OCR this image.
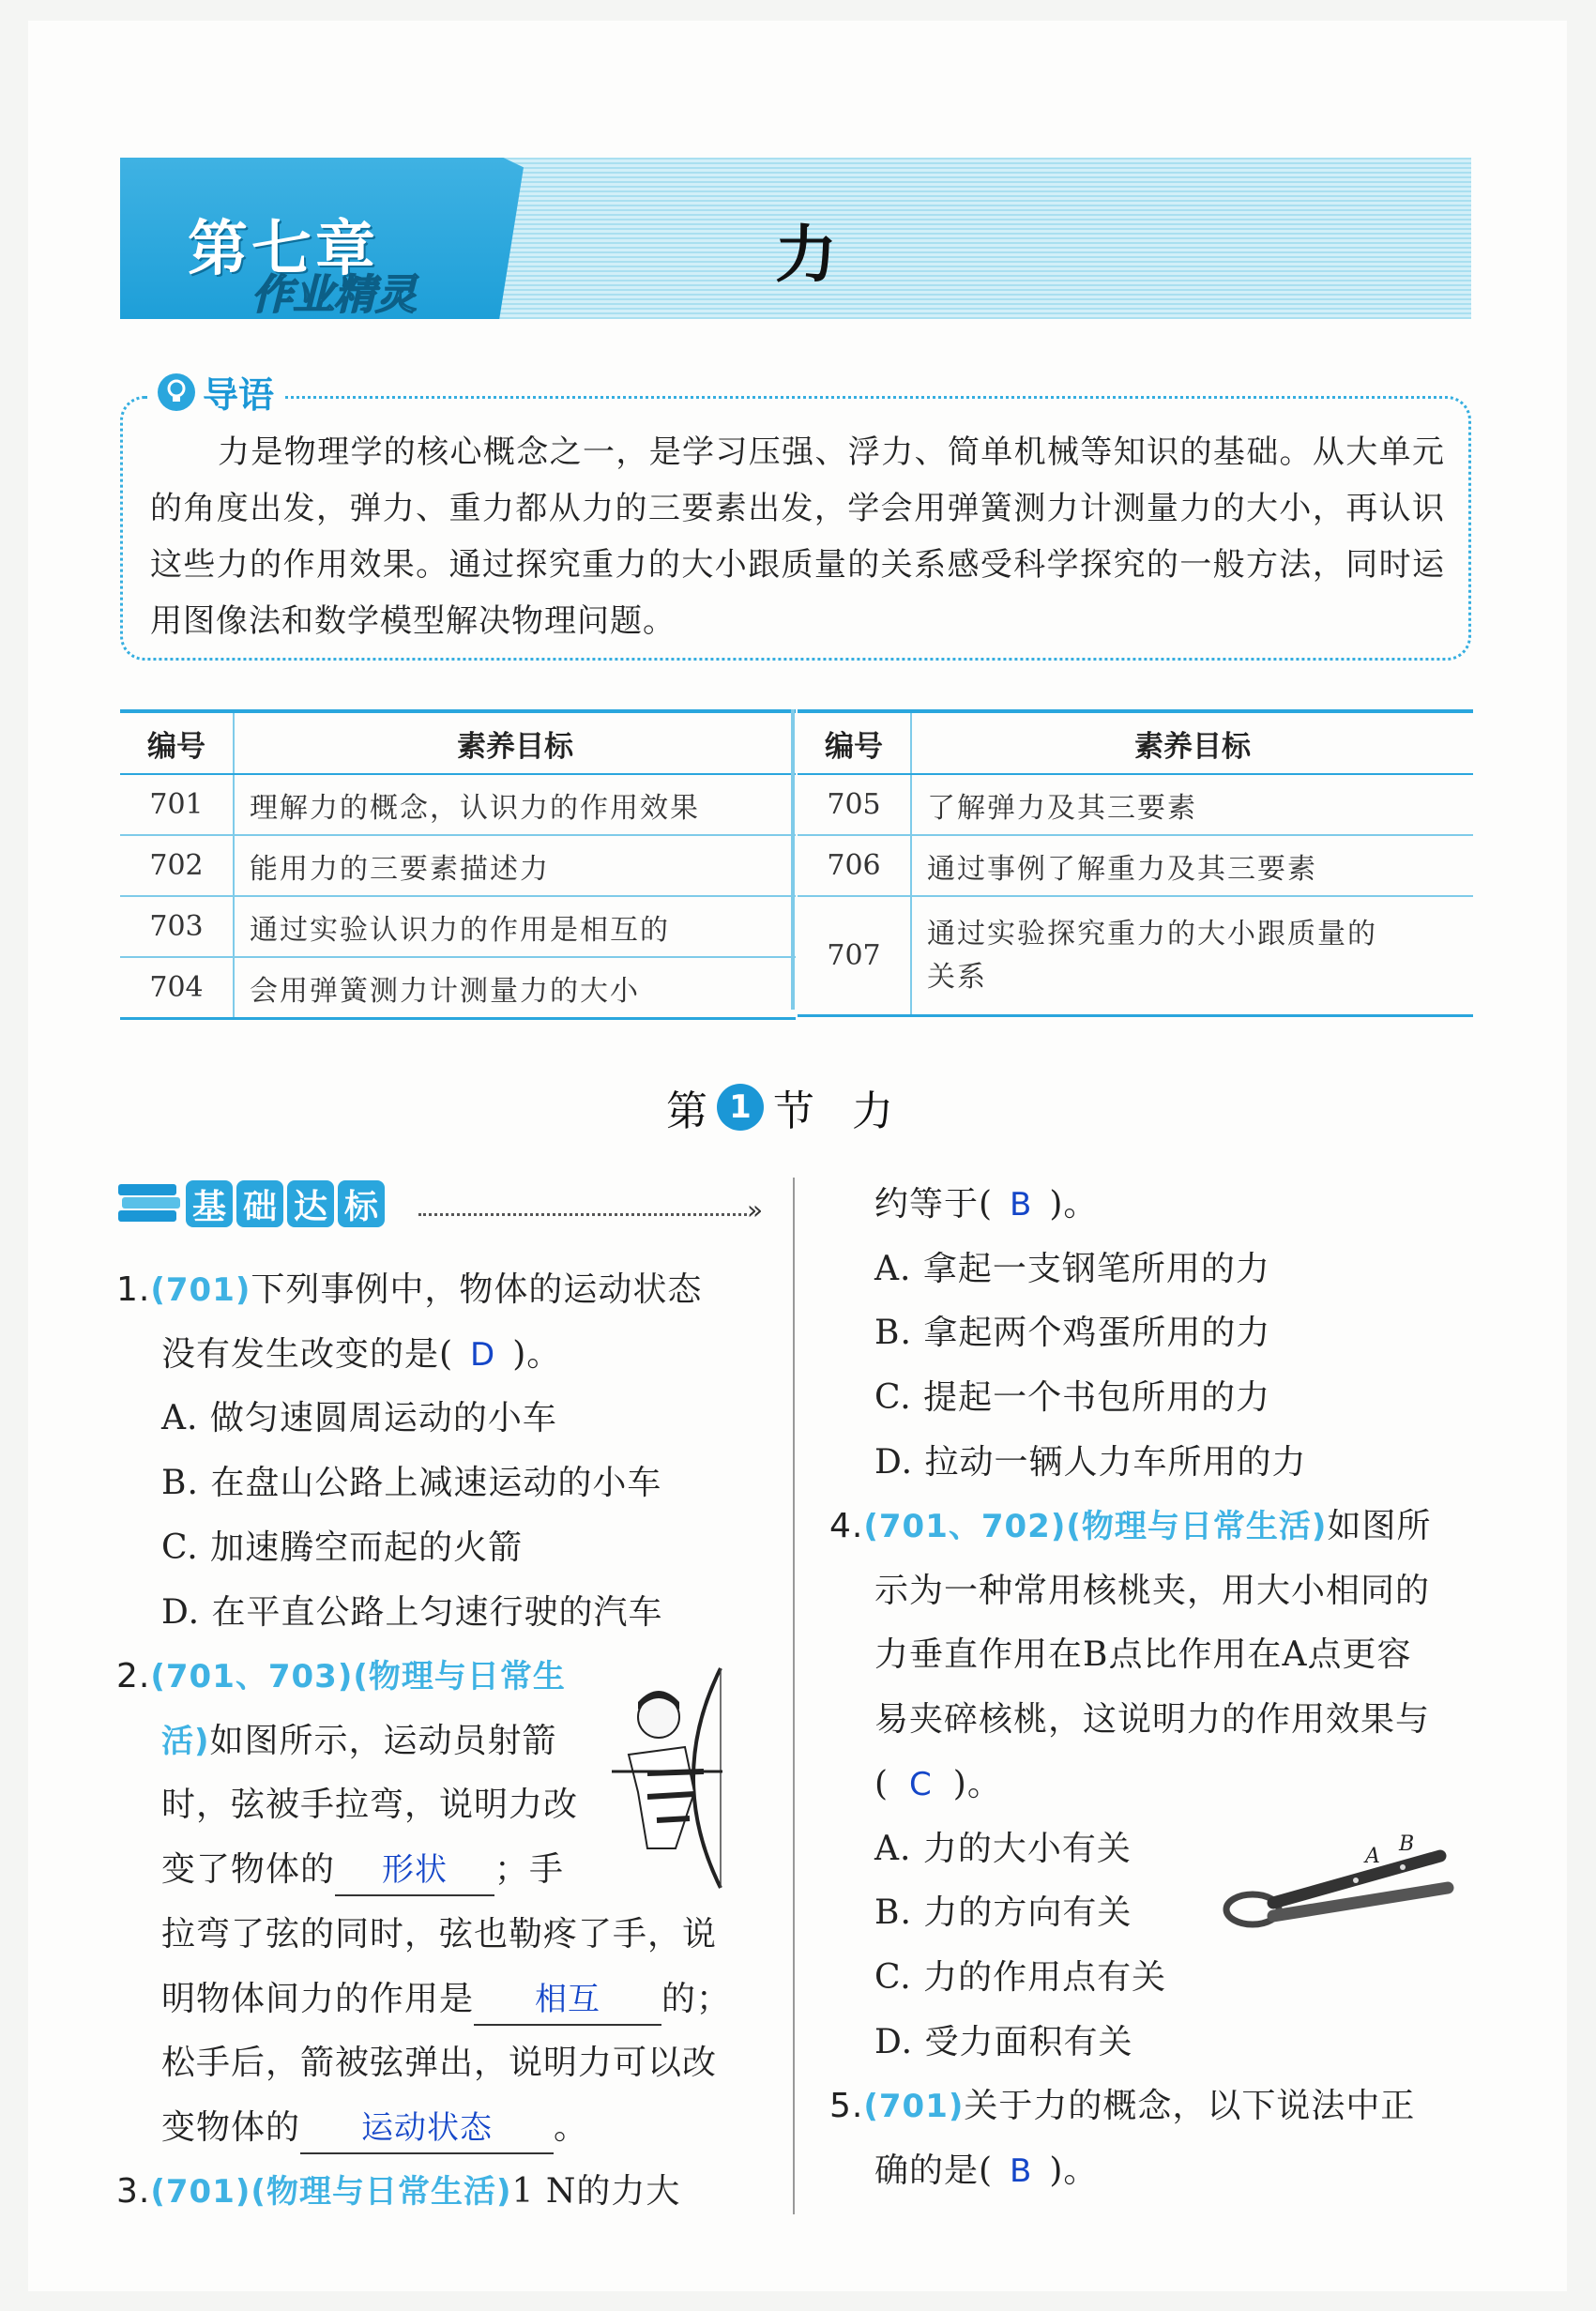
第七章
作业精灵
力
导语
力是物理学的核心概念之一，是学习压强、浮力、简单机械等知识的基础。从大单元的角度出发，弹力、重力都从力的三要素出发，学会用弹簧测力计测量力的大小，再认识这些力的作用效果。通过探究重力的大小跟质量的关系感受科学探究的一般方法，同时运用图像法和数学模型解决物理问题。
编号	素养目标
701	理解力的概念，认识力的作用效果
702	能用力的三要素描述力
703	通过实验认识力的作用是相互的
704	会用弹簧测力计测量力的大小
编号	素养目标
705	了解弹力及其三要素
706	通过事例了解重力及其三要素
707	通过实验探究重力的大小跟质量的
关系
第 1 节 力
基 础 达 标	»

1.(701)下列事例中，物体的运动状态

没有发生改变的是( D )。

A. 做匀速圆周运动的小车

B. 在盘山公路上减速运动的小车

C. 加速腾空而起的火箭

D. 在平直公路上匀速行驶的汽车

2.(701、703)(物理与日常生

活)如图所示，运动员射箭

时，弦被手拉弯，说明力改

变了物体的 形状 ；手

拉弯了弦的同时，弦也勒疼了手，说

明物体间力的作用是 相互 的；

松手后，箭被弦弹出，说明力可以改

变物体的 运动状态 。

3.(701)(物理与日常生活)1 N的力大

约等于( B )。

A. 拿起一支钢笔所用的力

B. 拿起两个鸡蛋所用的力

C. 提起一个书包所用的力

D. 拉动一辆人力车所用的力

4.(701、702)(物理与日常生活)如图所

示为一种常用核桃夹，用大小相同的

力垂直作用在B点比作用在A点更容

易夹碎核桃，这说明力的作用效果与

( C )。

A. 力的大小有关

B. 力的方向有关

C. 力的作用点有关

D. 受力面积有关

A
B

5.(701)关于力的概念，以下说法中正

确的是( B )。
